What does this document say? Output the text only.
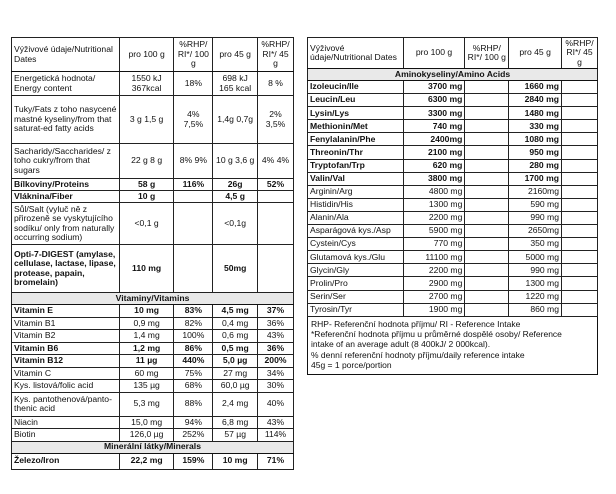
Výživové údaje/Nutritional Dates	pro 100 g	%RHP/ RI*/ 100 g	pro 45 g	%RHP/ RI*/ 45 g
Energetická hodnota/ Energy content	1550 kJ 367kcal	18%	698 kJ 165 kcal	8 %
Tuky/Fats z toho nasycené mastné kyseliny/from that saturat-ed fatty acids	3 g 1,5 g	4% 7,5%	1,4g 0,7g	2% 3,5%
Sacharidy/Saccharides/ z toho cukry/from that sugars	22 g 8 g	8% 9%	10 g 3,6 g	4% 4%
Bílkoviny/Proteins	58 g	116%	26g	52%
Vláknina/Fiber	10 g		4,5 g	
Sůl/Salt (vyluč ně z přirozeně se vyskytujícího sodíku/ only from naturally occurring sodium)	<0,1 g		<0,1g	
Opti-7-DIGEST (amylase, cellulase, lactase, lipase, protease, papain, bromelain)	110 mg		50mg	
Vitaminy/Vitamins				
Vitamin E	10 mg	83%	4,5 mg	37%
Vitamin B1	0,9 mg	82%	0,4 mg	36%
Vitamin B2	1,4 mg	100%	0,6 mg	43%
Vitamin B6	1,2 mg	86%	0,5 mg	36%
Vitamin B12	11 µg	440%	5,0 µg	200%
Vitamin C	60 mg	75%	27 mg	34%
Kys. listová/folic acid	135 µg	68%	60,0 µg	30%
Kys. pantothenová/panto-thenic acid	5,3 mg	88%	2,4 mg	40%
Niacin	15,0 mg	94%	6,8 mg	43%
Biotin	126,0 µg	252%	57 µg	114%
Minerální látky/Minerals				
Železo/Iron	22,2 mg	159%	10 mg	71%
Výživové údaje/Nutritional Dates	pro 100 g	%RHP/ RI*/ 100 g	pro 45 g	%RHP/ RI*/ 45 g
Aminokyseliny/Amino Acids				
Izoleucin/Ile	3700 mg		1660 mg	
Leucin/Leu	6300 mg		2840 mg	
Lysin/Lys	3300 mg		1480 mg	
Methionin/Met	740 mg		330 mg	
Fenylalanin/Phe	2400mg		1080 mg	
Threonin/Thr	2100 mg		950 mg	
Tryptofan/Trp	620 mg		280 mg	
Valin/Val	3800 mg		1700 mg	
Arginin/Arg	4800 mg		2160mg	
Histidin/His	1300 mg		590 mg	
Alanin/Ala	2200 mg		990 mg	
Asparágová kys./Asp	5900 mg		2650mg	
Cystein/Cys	770 mg		350 mg	
Glutamová kys./Glu	11100 mg		5000 mg	
Glycin/Gly	2200 mg		990 mg	
Prolin/Pro	2900 mg		1300 mg	
Serin/Ser	2700 mg		1220 mg	
Tyrosin/Tyr	1900 mg		860 mg	
RHP- Referenční hodnota příjmu/ RI - Reference Intake
*Referenční hodnota příjmu u průměrné dospělé osoby/ Reference
intake of an average adult (8 400kJ/ 2 000kcal).
% denní referenční hodnoty příjmu/daily reference intake
45g = 1 porce/portion
